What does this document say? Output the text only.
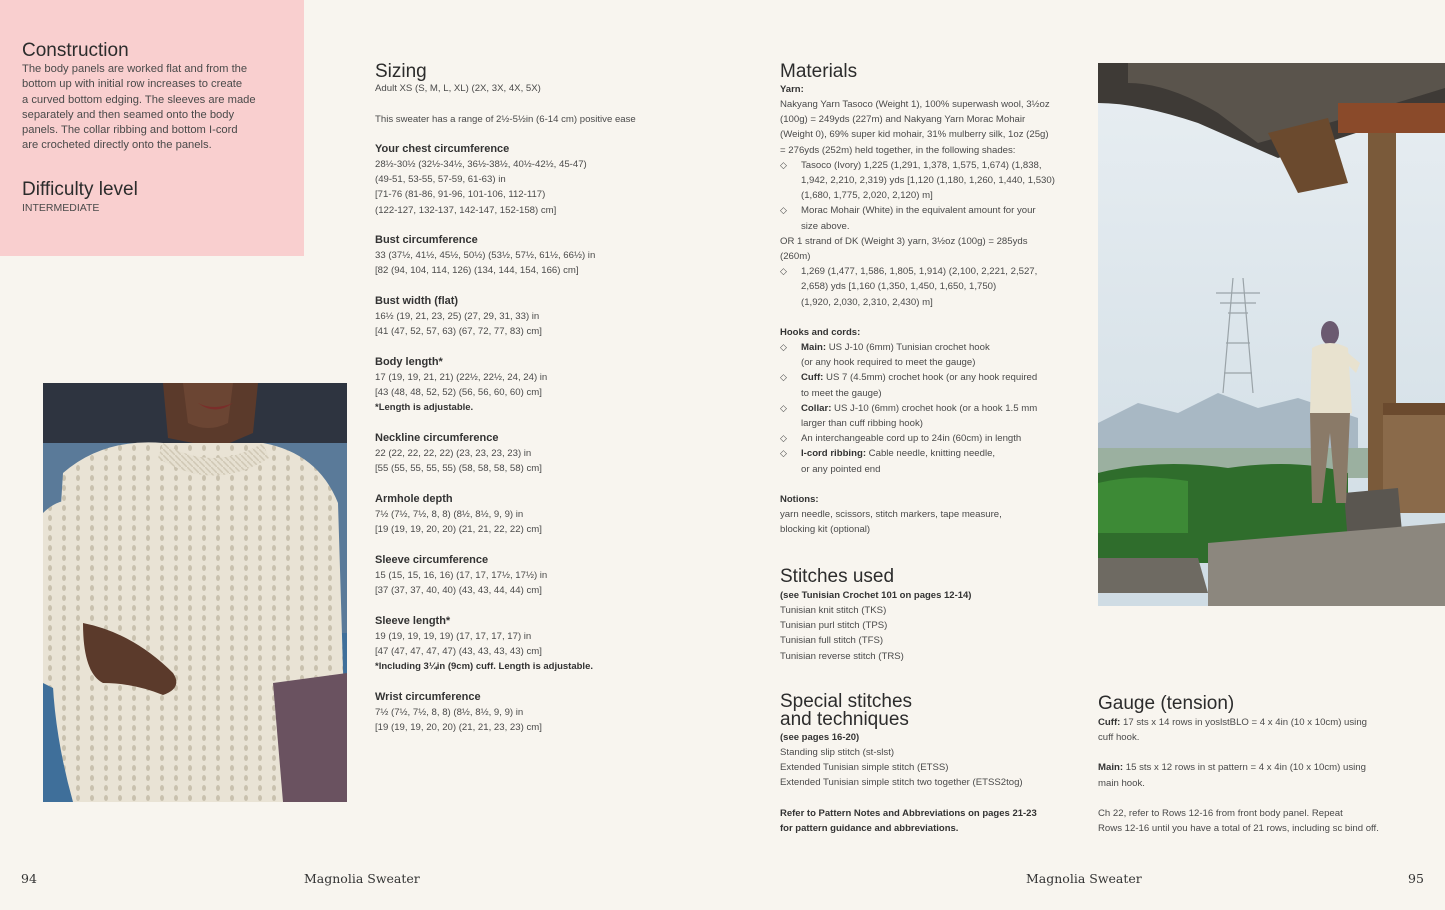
Construction
The body panels are worked flat and from the
bottom up with initial row increases to create
a curved bottom edging. The sleeves are made
separately and then seamed onto the body
panels. The collar ribbing and bottom I-cord
are crocheted directly onto the panels.
Difficulty level
INTERMEDIATE
Sizing
Adult XS (S, M, L, XL) (2X, 3X, 4X, 5X)
This sweater has a range of 2½-5½in (6-14 cm) positive ease
Your chest circumference
28½-30½ (32½-34½, 36½-38½, 40½-42½, 45-47)
(49-51, 53-55, 57-59, 61-63) in
[71-76 (81-86, 91-96, 101-106, 112-117)
(122-127, 132-137, 142-147, 152-158) cm]
Bust circumference
33 (37½, 41½, 45½, 50½) (53½, 57½, 61½, 66½) in
[82 (94, 104, 114, 126) (134, 144, 154, 166) cm]
Bust width (flat)
16½ (19, 21, 23, 25) (27, 29, 31, 33) in
[41 (47, 52, 57, 63) (67, 72, 77, 83) cm]
Body length*
17 (19, 19, 21, 21) (22½, 22½, 24, 24) in
[43 (48, 48, 52, 52) (56, 56, 60, 60) cm]
*Length is adjustable.
Neckline circumference
22 (22, 22, 22, 22) (23, 23, 23, 23) in
[55 (55, 55, 55, 55) (58, 58, 58, 58) cm]
Armhole depth
7½ (7½, 7½, 8, 8) (8½, 8½, 9, 9) in
[19 (19, 19, 20, 20) (21, 21, 22, 22) cm]
Sleeve circumference
15 (15, 15, 16, 16) (17, 17, 17½, 17½) in
[37 (37, 37, 40, 40) (43, 43, 44, 44) cm]
Sleeve length*
19 (19, 19, 19, 19) (17, 17, 17, 17) in
[47 (47, 47, 47, 47) (43, 43, 43, 43) cm]
*Including 3¼in (9cm) cuff. Length is adjustable.
Wrist circumference
7½ (7½, 7½, 8, 8) (8½, 8½, 9, 9) in
[19 (19, 19, 20, 20) (21, 21, 23, 23) cm]
94	Magnolia Sweater
Materials
Yarn:
Nakyang Yarn Tasoco (Weight 1), 100% superwash wool, 3½oz
(100g) = 249yds (227m) and Nakyang Yarn Morac Mohair
(Weight 0), 69% super kid mohair, 31% mulberry silk, 1oz (25g)
= 276yds (252m) held together, in the following shades:
◇ Tasoco (Ivory) 1,225 (1,291, 1,378, 1,575, 1,674) (1,838,
1,942, 2,210, 2,319) yds [1,120 (1,180, 1,260, 1,440, 1,530)
(1,680, 1,775, 2,020, 2,120) m]
◇ Morac Mohair (White) in the equivalent amount for your
size above.
OR 1 strand of DK (Weight 3) yarn, 3½oz (100g) = 285yds
(260m)
◇ 1,269 (1,477, 1,586, 1,805, 1,914) (2,100, 2,221, 2,527,
2,658) yds [1,160 (1,350, 1,450, 1,650, 1,750)
(1,920, 2,030, 2,310, 2,430) m]
Hooks and cords:
◇ Main: US J-10 (6mm) Tunisian crochet hook
(or any hook required to meet the gauge)
◇ Cuff: US 7 (4.5mm) crochet hook (or any hook required
to meet the gauge)
◇ Collar: US J-10 (6mm) crochet hook (or a hook 1.5 mm
larger than cuff ribbing hook)
◇ An interchangeable cord up to 24in (60cm) in length
◇ I-cord ribbing: Cable needle, knitting needle,
or any pointed end
Notions:
yarn needle, scissors, stitch markers, tape measure,
blocking kit (optional)
Stitches used
(see Tunisian Crochet 101 on pages 12-14)
Tunisian knit stitch (TKS)
Tunisian purl stitch (TPS)
Tunisian full stitch (TFS)
Tunisian reverse stitch (TRS)
Special stitches
and techniques
(see pages 16-20)
Standing slip stitch (st-slst)
Extended Tunisian simple stitch (ETSS)
Extended Tunisian simple stitch two together (ETSS2tog)
Refer to Pattern Notes and Abbreviations on pages 21-23
for pattern guidance and abbreviations.
Gauge (tension)
Cuff: 17 sts x 14 rows in yoslstBLO = 4 x 4in (10 x 10cm) using
cuff hook.
Main: 15 sts x 12 rows in st pattern = 4 x 4in (10 x 10cm) using
main hook.
Ch 22, refer to Rows 12-16 from front body panel. Repeat
Rows 12-16 until you have a total of 21 rows, including sc bind off.
Magnolia Sweater	95
